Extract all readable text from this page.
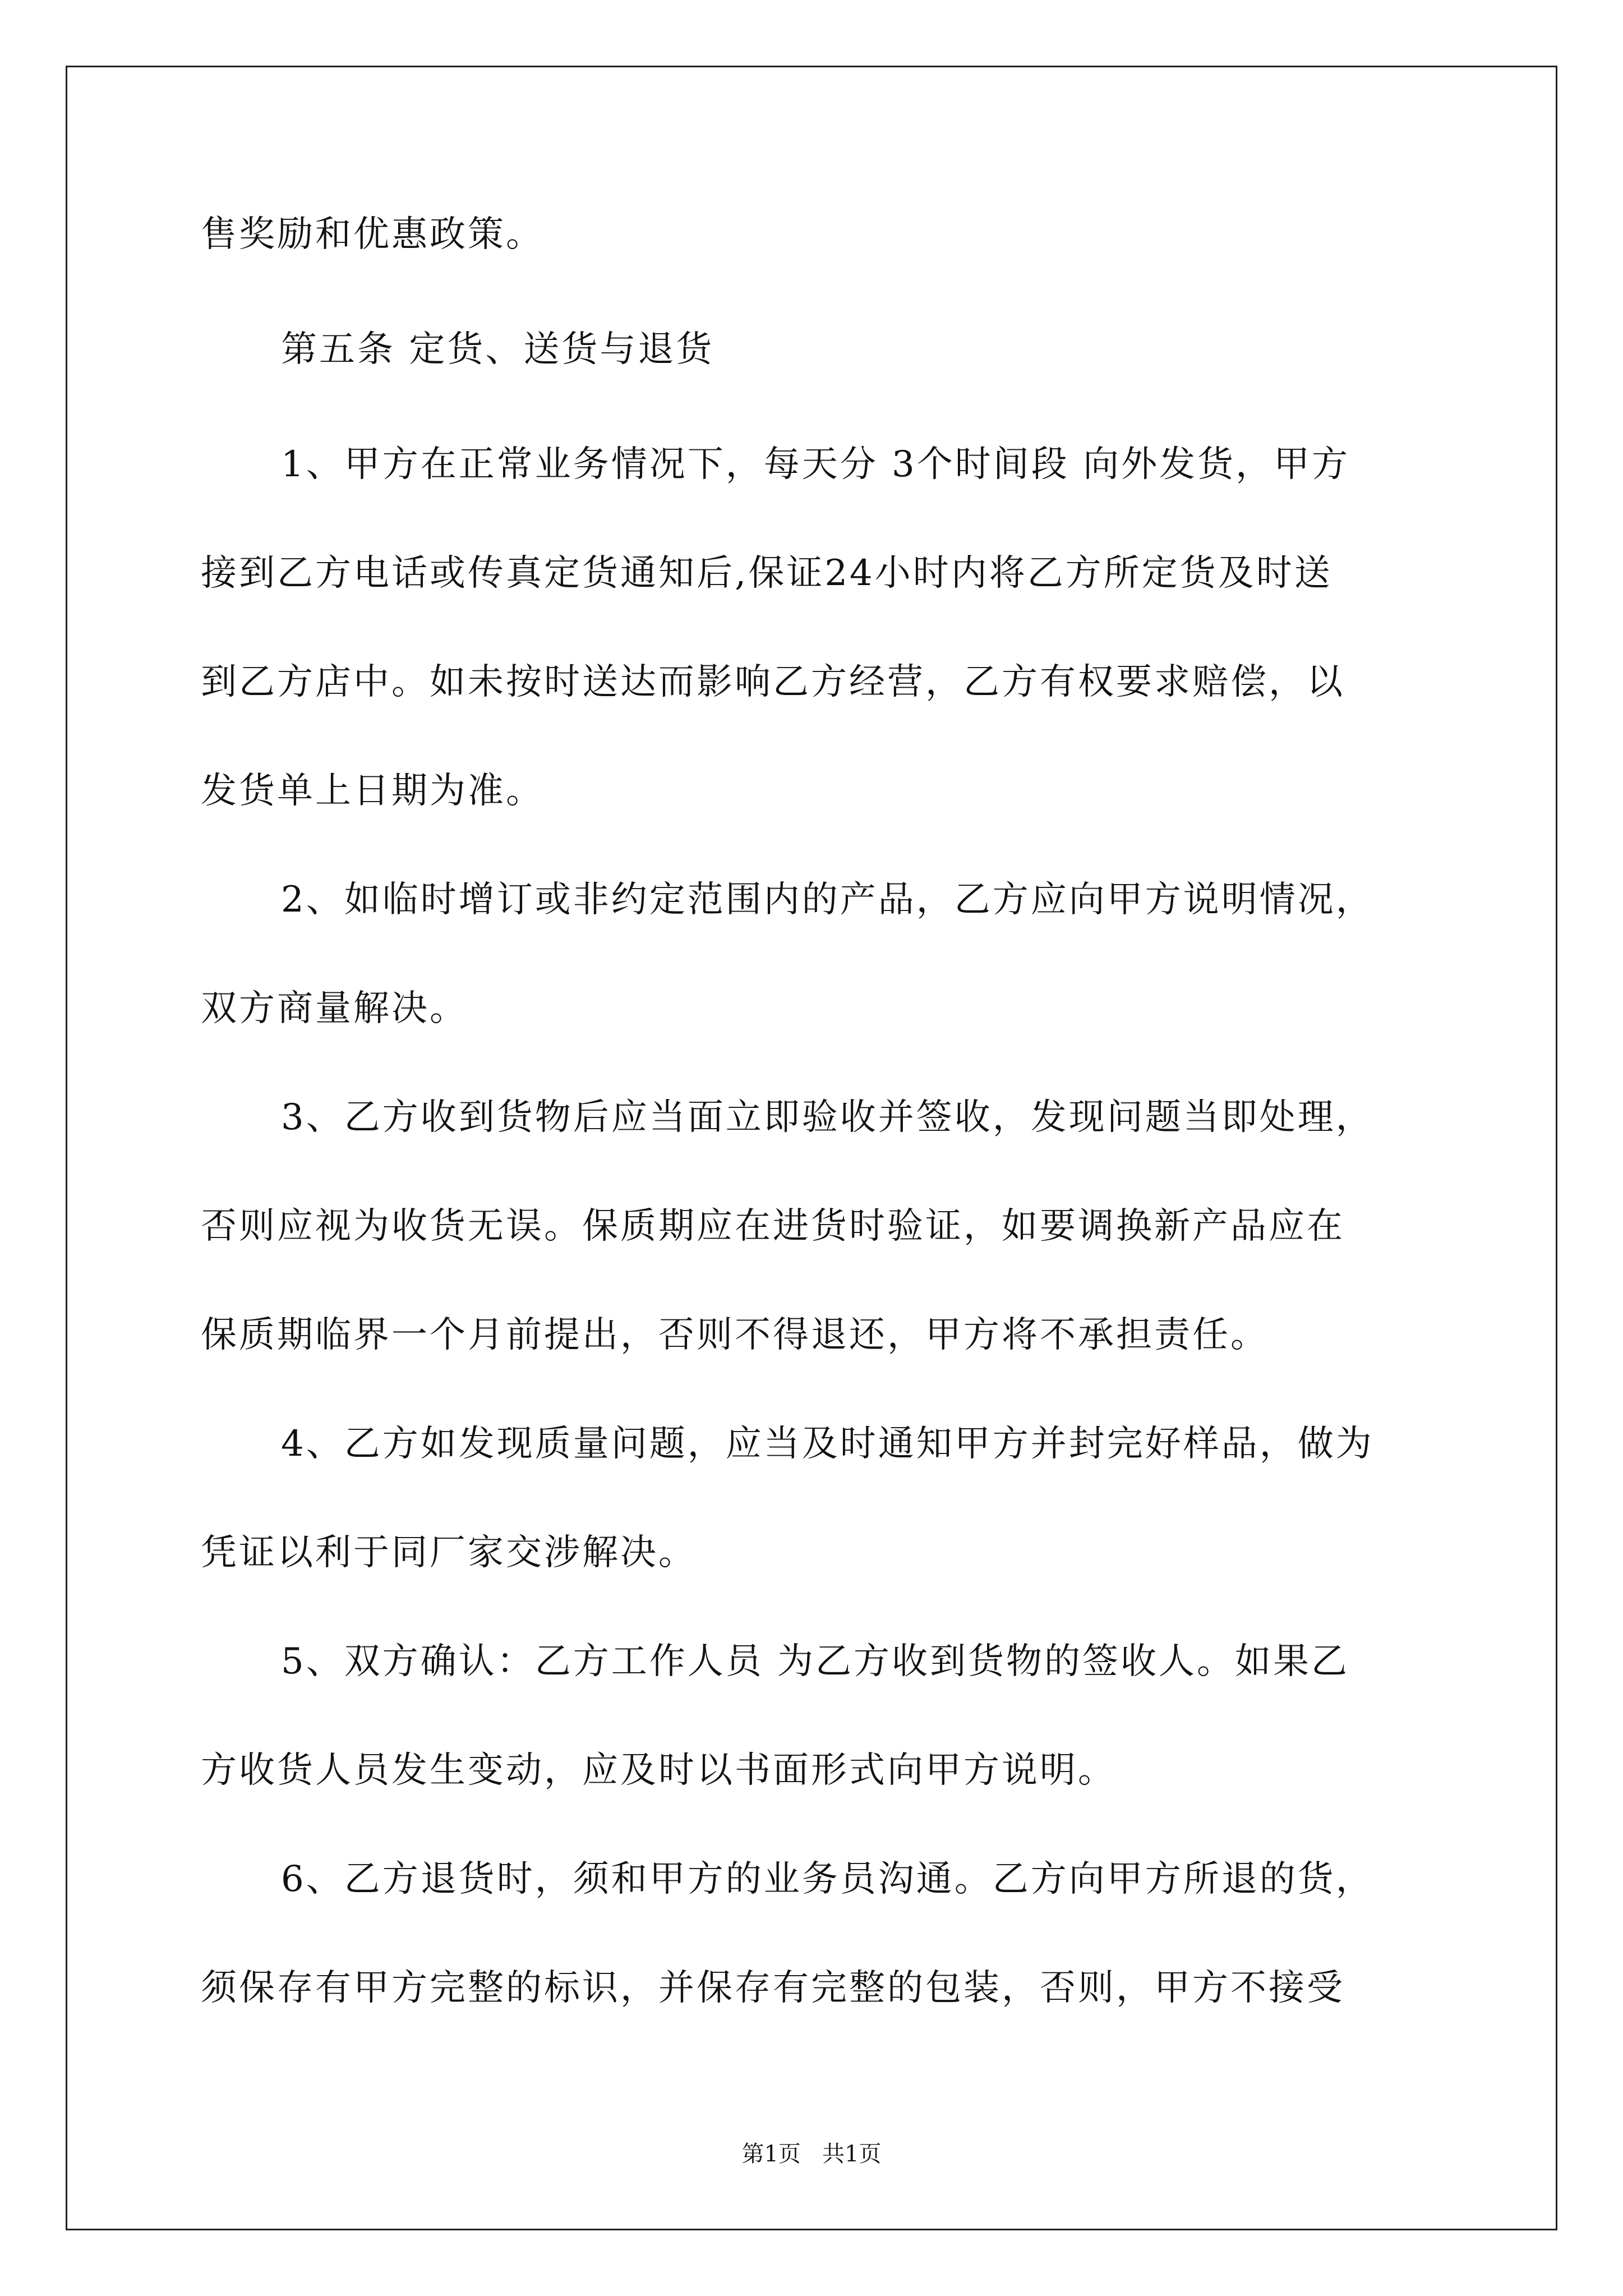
售奖励和优惠政策。
第五条 定货、送货与退货
1、甲方在正常业务情况下，每天分 3个时间段 向外发货，甲方
接到乙方电话或传真定货通知后,保证24小时内将乙方所定货及时送
到乙方店中。如未按时送达而影响乙方经营，乙方有权要求赔偿，以
发货单上日期为准。
2、如临时增订或非约定范围内的产品，乙方应向甲方说明情况，
双方商量解决。
3、乙方收到货物后应当面立即验收并签收，发现问题当即处理，
否则应视为收货无误。保质期应在进货时验证，如要调换新产品应在
保质期临界一个月前提出，否则不得退还，甲方将不承担责任。
4、乙方如发现质量问题，应当及时通知甲方并封完好样品，做为
凭证以利于同厂家交涉解决。
5、双方确认：乙方工作人员 为乙方收到货物的签收人。如果乙
方收货人员发生变动，应及时以书面形式向甲方说明。
6、乙方退货时，须和甲方的业务员沟通。乙方向甲方所退的货，
须保存有甲方完整的标识，并保存有完整的包装，否则，甲方不接受
第1页   共1页
